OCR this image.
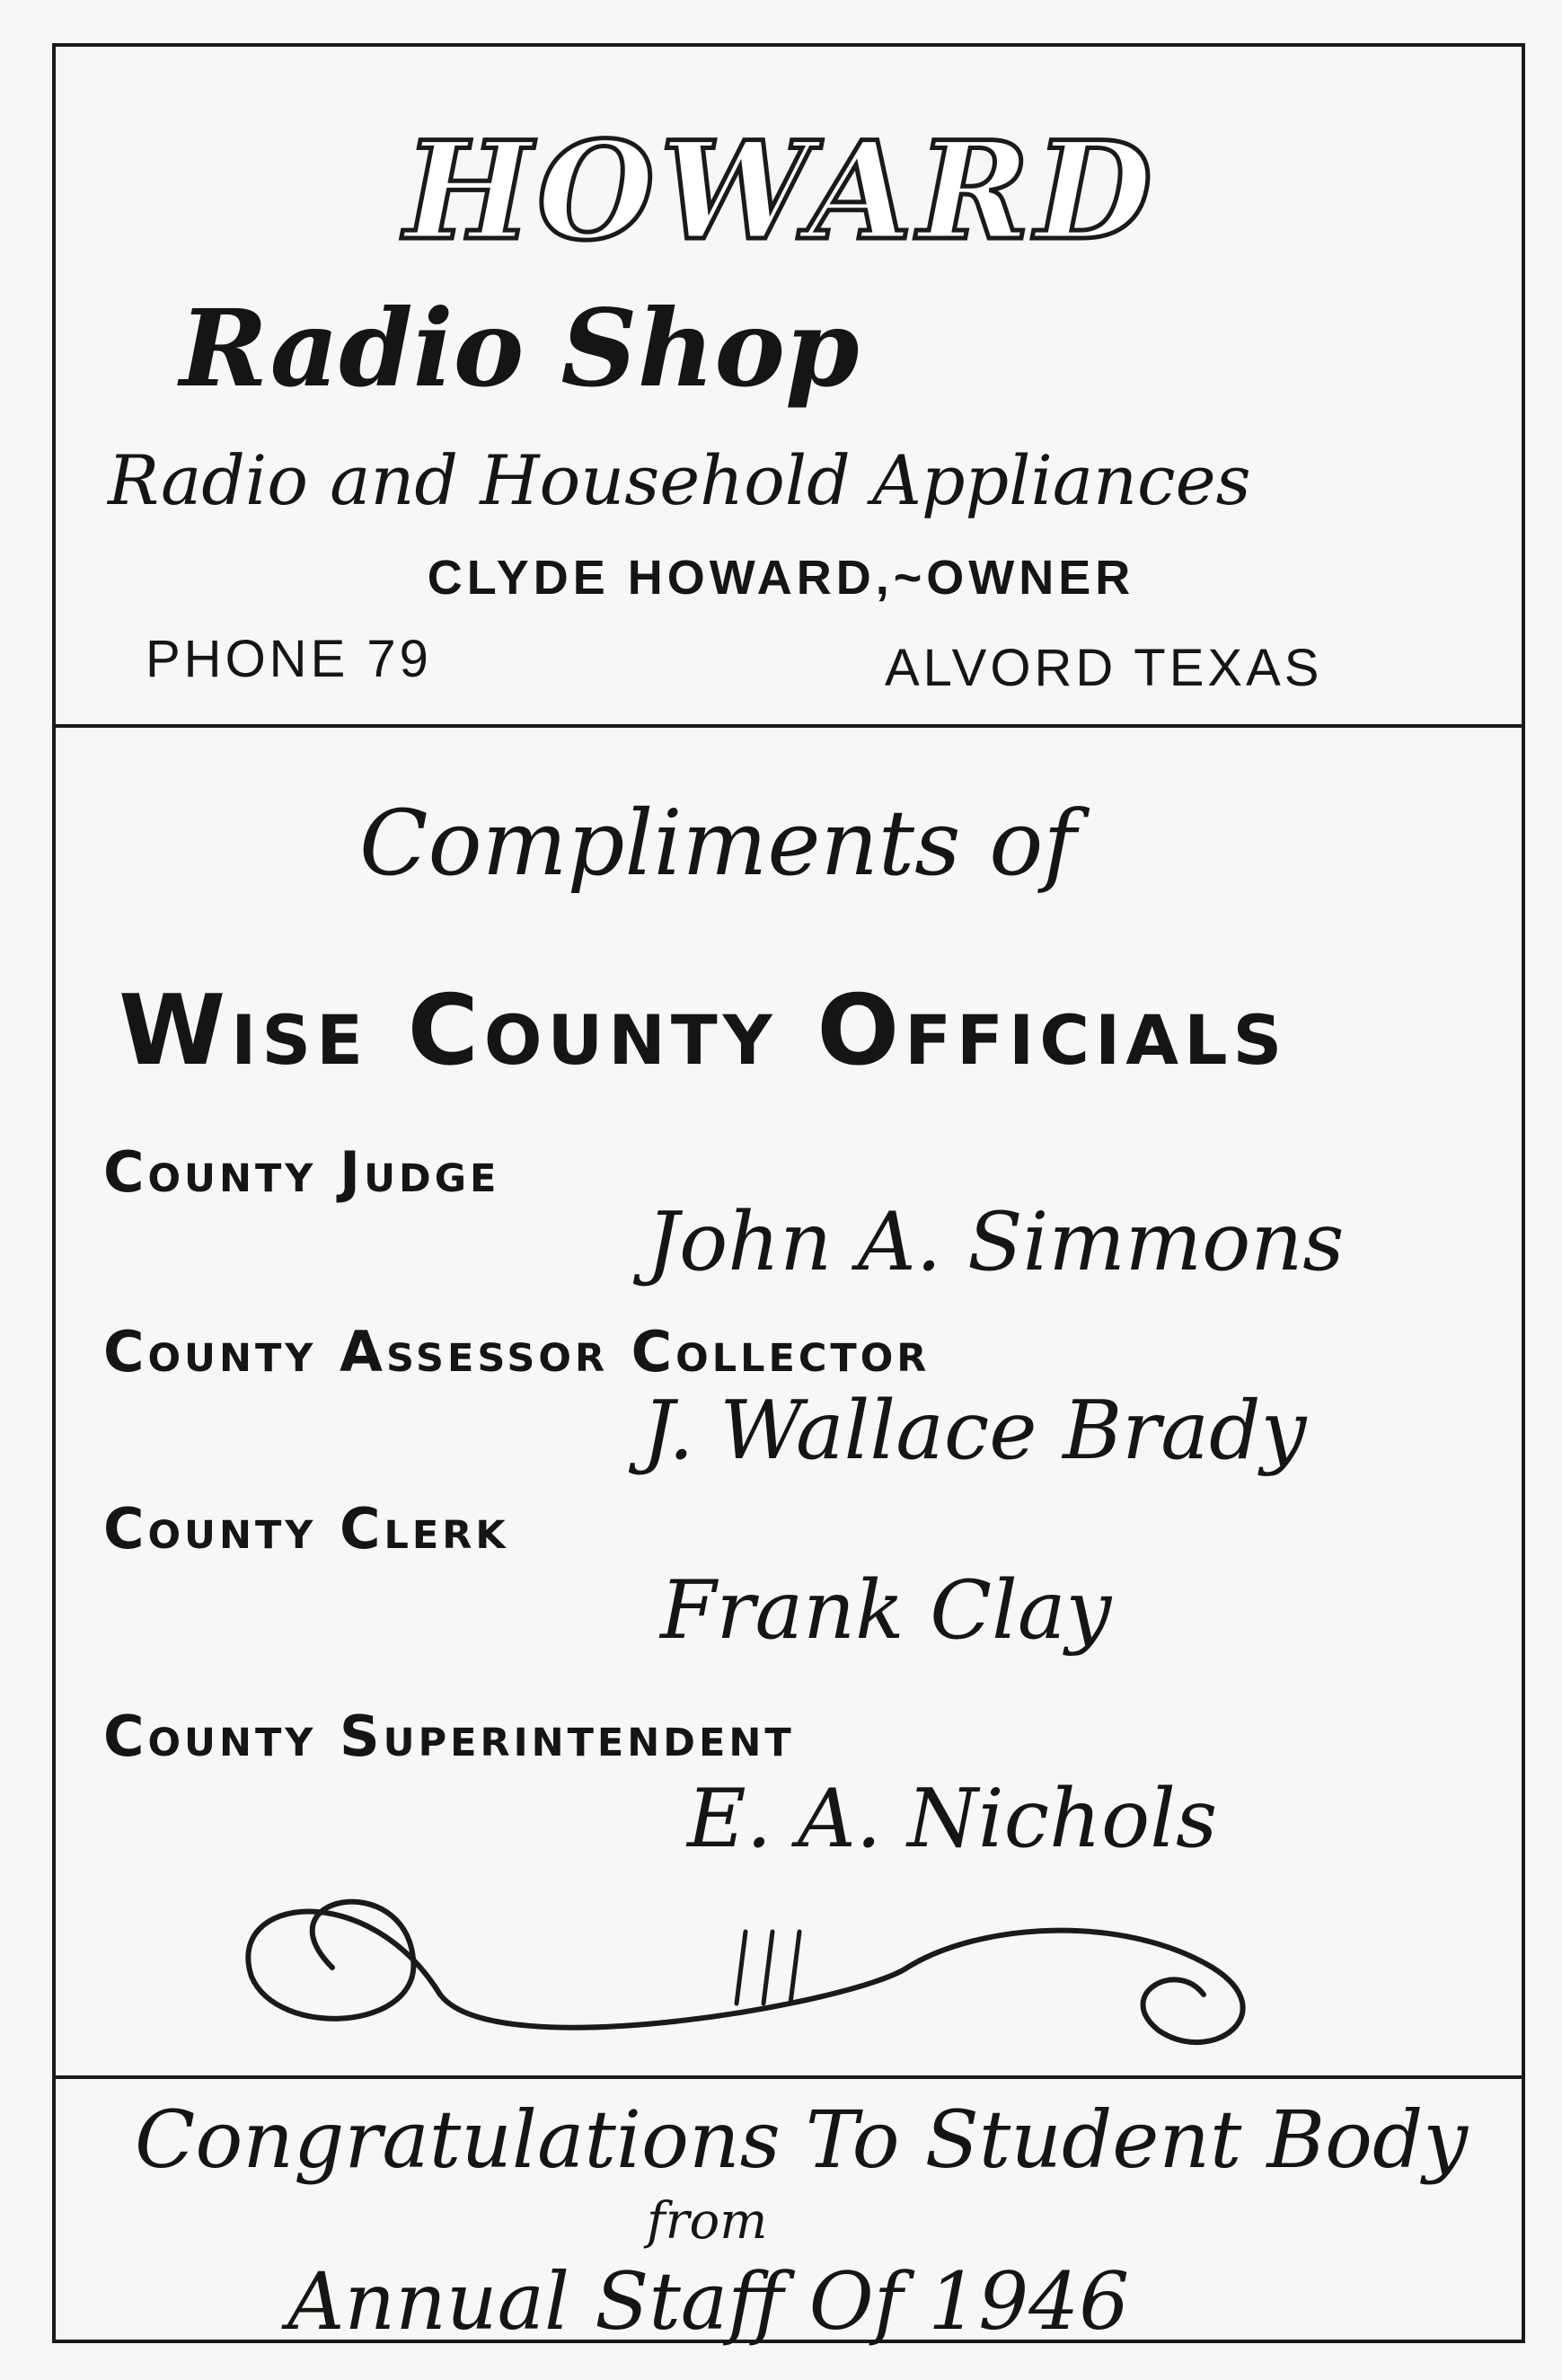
HOWARD
Radio Shop
Radio and Household Appliances
CLYDE HOWARD,~OWNER
PHONE 79	ALVORD TEXAS
Compliments of
Wise County Officials
County Judge
John A. Simmons
County Assessor Collector
J. Wallace Brady
County Clerk
Frank Clay
County Superintendent
E. A. Nichols
Congratulations To Student Body
from
Annual Staff Of 1946
